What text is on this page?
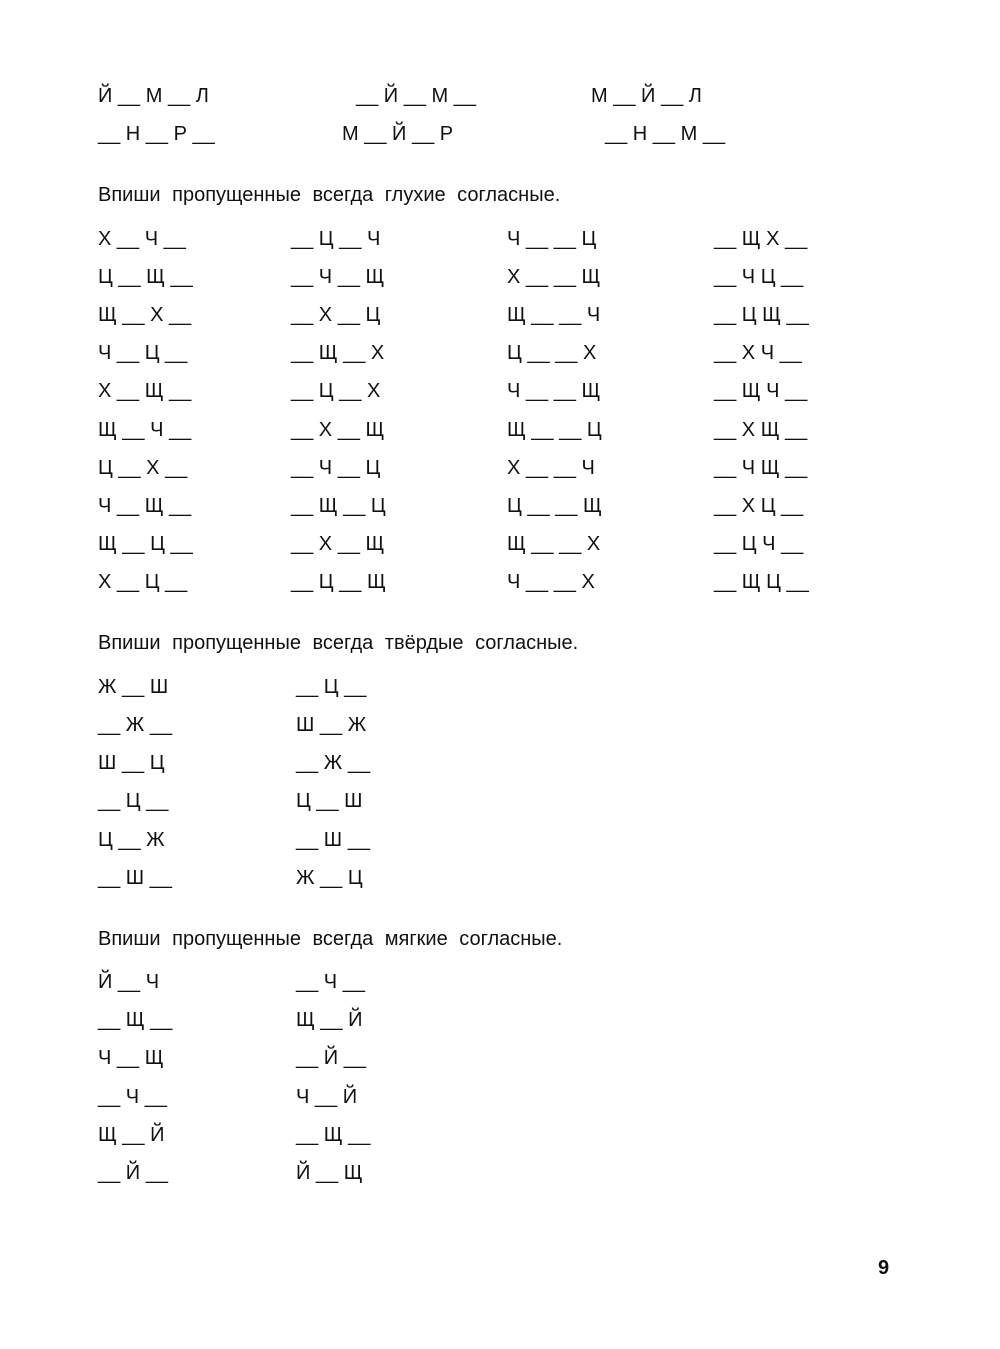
Й __ М __ Л	__ Й __ М __	М __ Й __ Л
__ Н __ Р __	М __ Й __ Р	__ Н __ М __
Впиши пропущенные всегда глухие согласные.
Х __ Ч __	__ Ц __ Ч	Ч __ __ Ц	__ Щ Х __
Ц __ Щ __	__ Ч __ Щ	Х __ __ Щ	__ Ч Ц __
Щ __ Х __	__ Х __ Ц	Щ __ __ Ч	__ Ц Щ __
Ч __ Ц __	__ Щ __ Х	Ц __ __ Х	__ Х Ч __
Х __ Щ __	__ Ц __ Х	Ч __ __ Щ	__ Щ Ч __
Щ __ Ч __	__ Х __ Щ	Щ __ __ Ц	__ Х Щ __
Ц __ Х __	__ Ч __ Ц	Х __ __ Ч	__ Ч Щ __
Ч __ Щ __	__ Щ __ Ц	Ц __ __ Щ	__ Х Ц __
Щ __ Ц __	__ Х __ Щ	Щ __ __ Х	__ Ц Ч __
Х __ Ц __	__ Ц __ Щ	Ч __ __ Х	__ Щ Ц __
Впиши пропущенные всегда твёрдые согласные.
Ж __ Ш	__ Ц __
__ Ж __	Ш __ Ж
Ш __ Ц	__ Ж __
__ Ц __	Ц __ Ш
Ц __ Ж	__ Ш __
__ Ш __	Ж __ Ц
Впиши пропущенные всегда мягкие согласные.
Й __ Ч	__ Ч __
__ Щ __	Щ __ Й
Ч __ Щ	__ Й __
__ Ч __	Ч __ Й
Щ __ Й	__ Щ __
__ Й __	Й __ Щ
9
